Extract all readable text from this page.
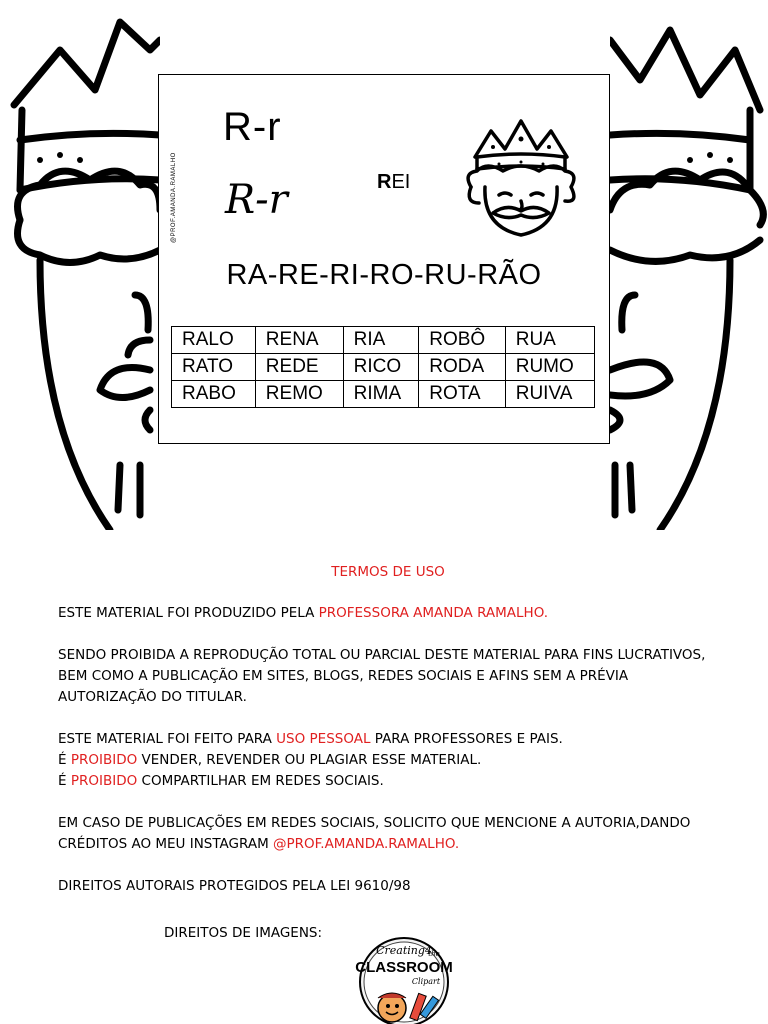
R-r
R-r
@PROF.AMANDA.RAMALHO	REI
RA-RE-RI-RO-RU-RÃO
RALO	RENA	RIA	ROBÔ	RUA
RATO	REDE	RICO	RODA	RUMO
RABO	REMO	RIMA	ROTA	RUIVA

TERMOS DE USO

ESTE MATERIAL FOI PRODUZIDO PELA PROFESSORA AMANDA RAMALHO.

SENDO PROIBIDA A REPRODUÇÃO TOTAL OU PARCIAL DESTE MATERIAL PARA FINS LUCRATIVOS, BEM COMO A PUBLICAÇÃO EM SITES, BLOGS, REDES SOCIAIS E AFINS SEM A PRÉVIA AUTORIZAÇÃO DO TITULAR.

ESTE MATERIAL FOI FEITO PARA USO PESSOAL PARA PROFESSORES E PAIS.
É PROIBIDO VENDER, REVENDER OU PLAGIAR ESSE MATERIAL.
É PROIBIDO COMPARTILHAR EM REDES SOCIAIS.

EM CASO DE PUBLICAÇÕES EM REDES SOCIAIS, SOLICITO QUE MENCIONE A AUTORIA,DANDO CRÉDITOS AO MEU INSTAGRAM @PROF.AMANDA.RAMALHO.

DIREITOS AUTORAIS PROTEGIDOS PELA LEI 9610/98

DIREITOS DE IMAGENS:
Creating4
the
CLASSROOM
Clipart
